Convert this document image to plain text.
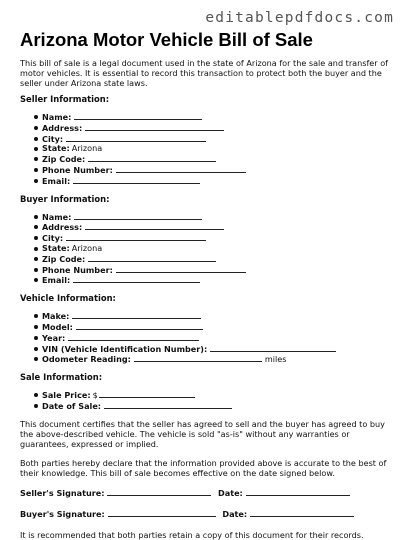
editablepdfdocs.com
Arizona Motor Vehicle Bill of Sale

This bill of sale is a legal document used in the state of Arizona for the sale and transfer of motor vehicles. It is essential to record this transaction to protect both the buyer and the seller under Arizona state laws.

Seller Information:
Name:
Address:
City:
State: Arizona
Zip Code:
Phone Number:
Email:
Buyer Information:
Name:
Address:
City:
State: Arizona
Zip Code:
Phone Number:
Email:
Vehicle Information:
Make:
Model:
Year:
VIN (Vehicle Identification Number):
Odometer Reading:	miles
Sale Information:
Sale Price: $
Date of Sale:

This document certifies that the seller has agreed to sell and the buyer has agreed to buy the above-described vehicle. The vehicle is sold "as-is" without any warranties or guarantees, expressed or implied.

Both parties hereby declare that the information provided above is accurate to the best of their knowledge. This bill of sale becomes effective on the date signed below.

Seller's Signature:	Date:
Buyer's Signature:	Date:

It is recommended that both parties retain a copy of this document for their records.
